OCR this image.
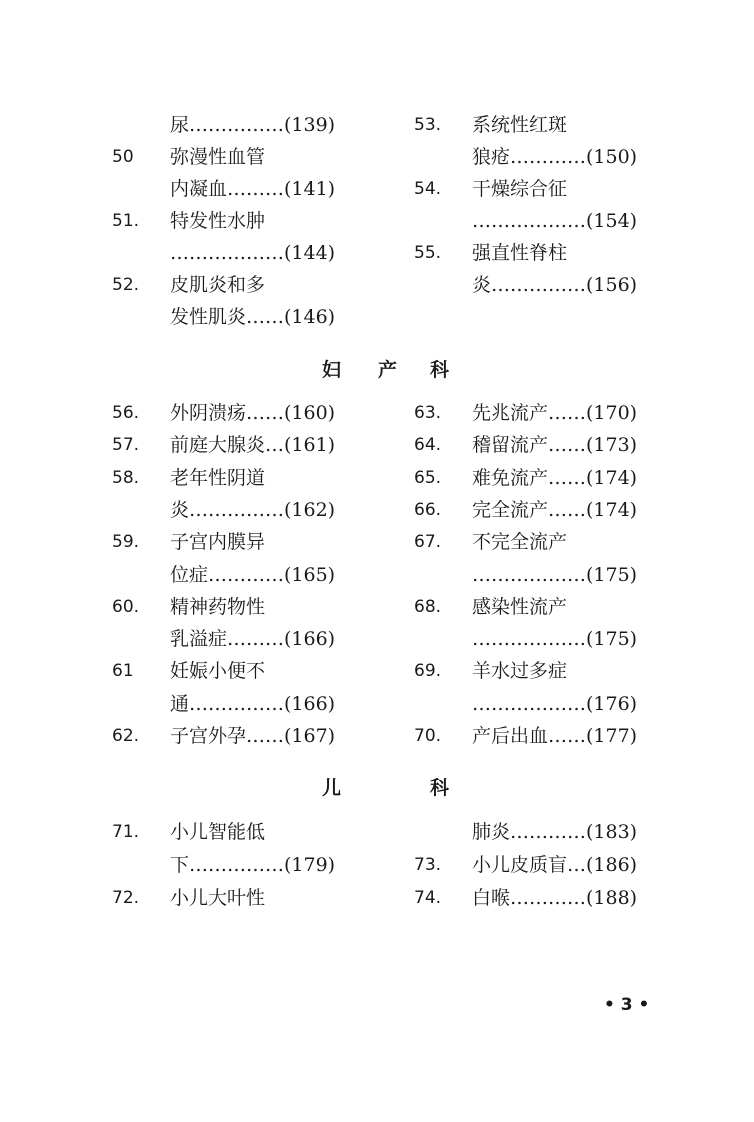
尿……………(139)
50 弥漫性血管
内凝血………(141)
51. 特发性水肿
………………(144)
52. 皮肌炎和多
发性肌炎……(146)
53. 系统性红斑
狼疮…………(150)
54. 干燥综合征
………………(154)
55. 强直性脊柱
炎……………(156)
妇 产 科
56. 外阴溃疡……(160)
57. 前庭大腺炎…(161)
58. 老年性阴道
炎……………(162)
59. 子宫内膜异
位症…………(165)
60. 精神药物性
乳溢症………(166)
61 妊娠小便不
通……………(166)
62. 子宫外孕……(167)
63. 先兆流产……(170)
64. 稽留流产……(173)
65. 难免流产……(174)
66. 完全流产……(174)
67. 不完全流产
………………(175)
68. 感染性流产
………………(175)
69. 羊水过多症
………………(176)
70. 产后出血……(177)
儿	科
71. 小儿智能低
下……………(179)
72. 小儿大叶性
肺炎…………(183)
73. 小儿皮质盲…(186)
74. 白喉…………(188)
• 3 •
